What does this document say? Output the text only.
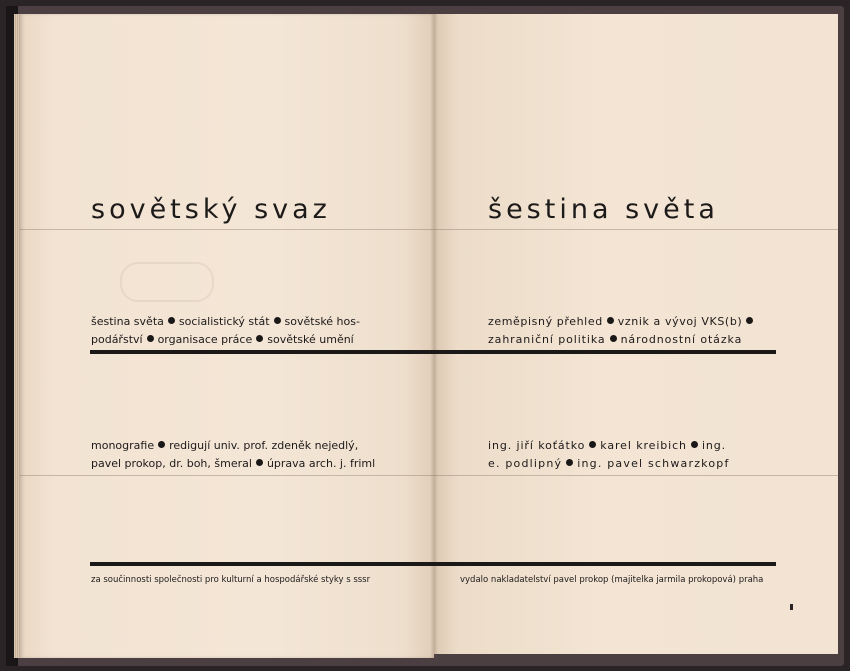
sovětský svaz	šestina světa
šestina světa socialistický stát sovětské hos-
podářství organisace práce sovětské umění
zeměpisný přehled vznik a vývoj VKS(b)
zahraniční politika národnostní otázka
monografie redigují univ. prof. zdeněk nejedlý,
pavel prokop, dr. boh, šmeral úprava arch. j. friml
ing. jiří koťátko karel kreibich ing.
e. podlipný ing. pavel schwarzkopf
za součinnosti společnosti pro kulturní a hospodářské styky s sssr	vydalo nakladatelství pavel prokop (majitelka jarmila prokopová) praha
